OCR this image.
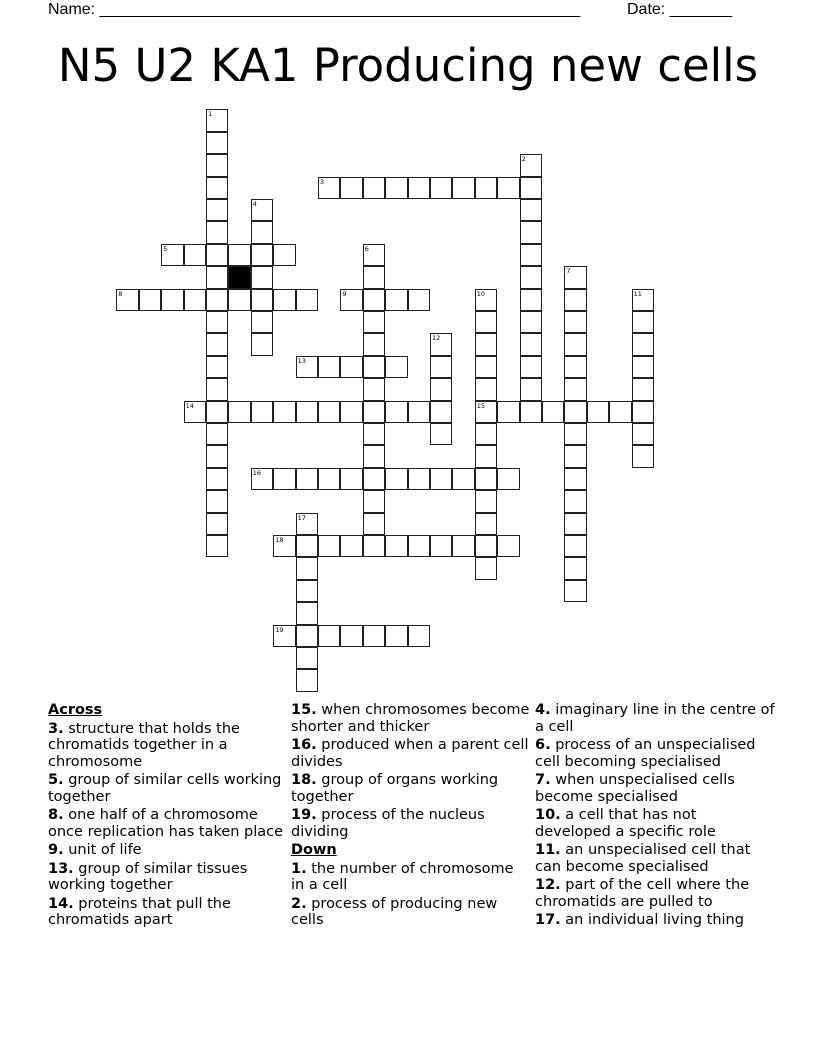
Name: ______________________________________________________	Date: _______
N5 U2 KA1 Producing new cells
1
2
3
4
5	6
7
8	9	10
15
11
12
13
14
16
17
18
19
Across
3. structure that holds the chromatids together in a chromosome
5. group of similar cells working together
8. one half of a chromosome once replication has taken place
9. unit of life
13. group of similar tissues working together
14. proteins that pull the chromatids apart
15. when chromosomes become shorter and thicker
16. produced when a parent cell divides
18. group of organs working together
19. process of the nucleus dividing
Down
1. the number of chromosome in a cell
2. process of producing new cells
4. imaginary line in the centre of a cell
6. process of an unspecialised cell becoming specialised
7. when unspecialised cells become specialised
10. a cell that has not developed a specific role
11. an unspecialised cell that can become specialised
12. part of the cell where the chromatids are pulled to
17. an individual living thing
